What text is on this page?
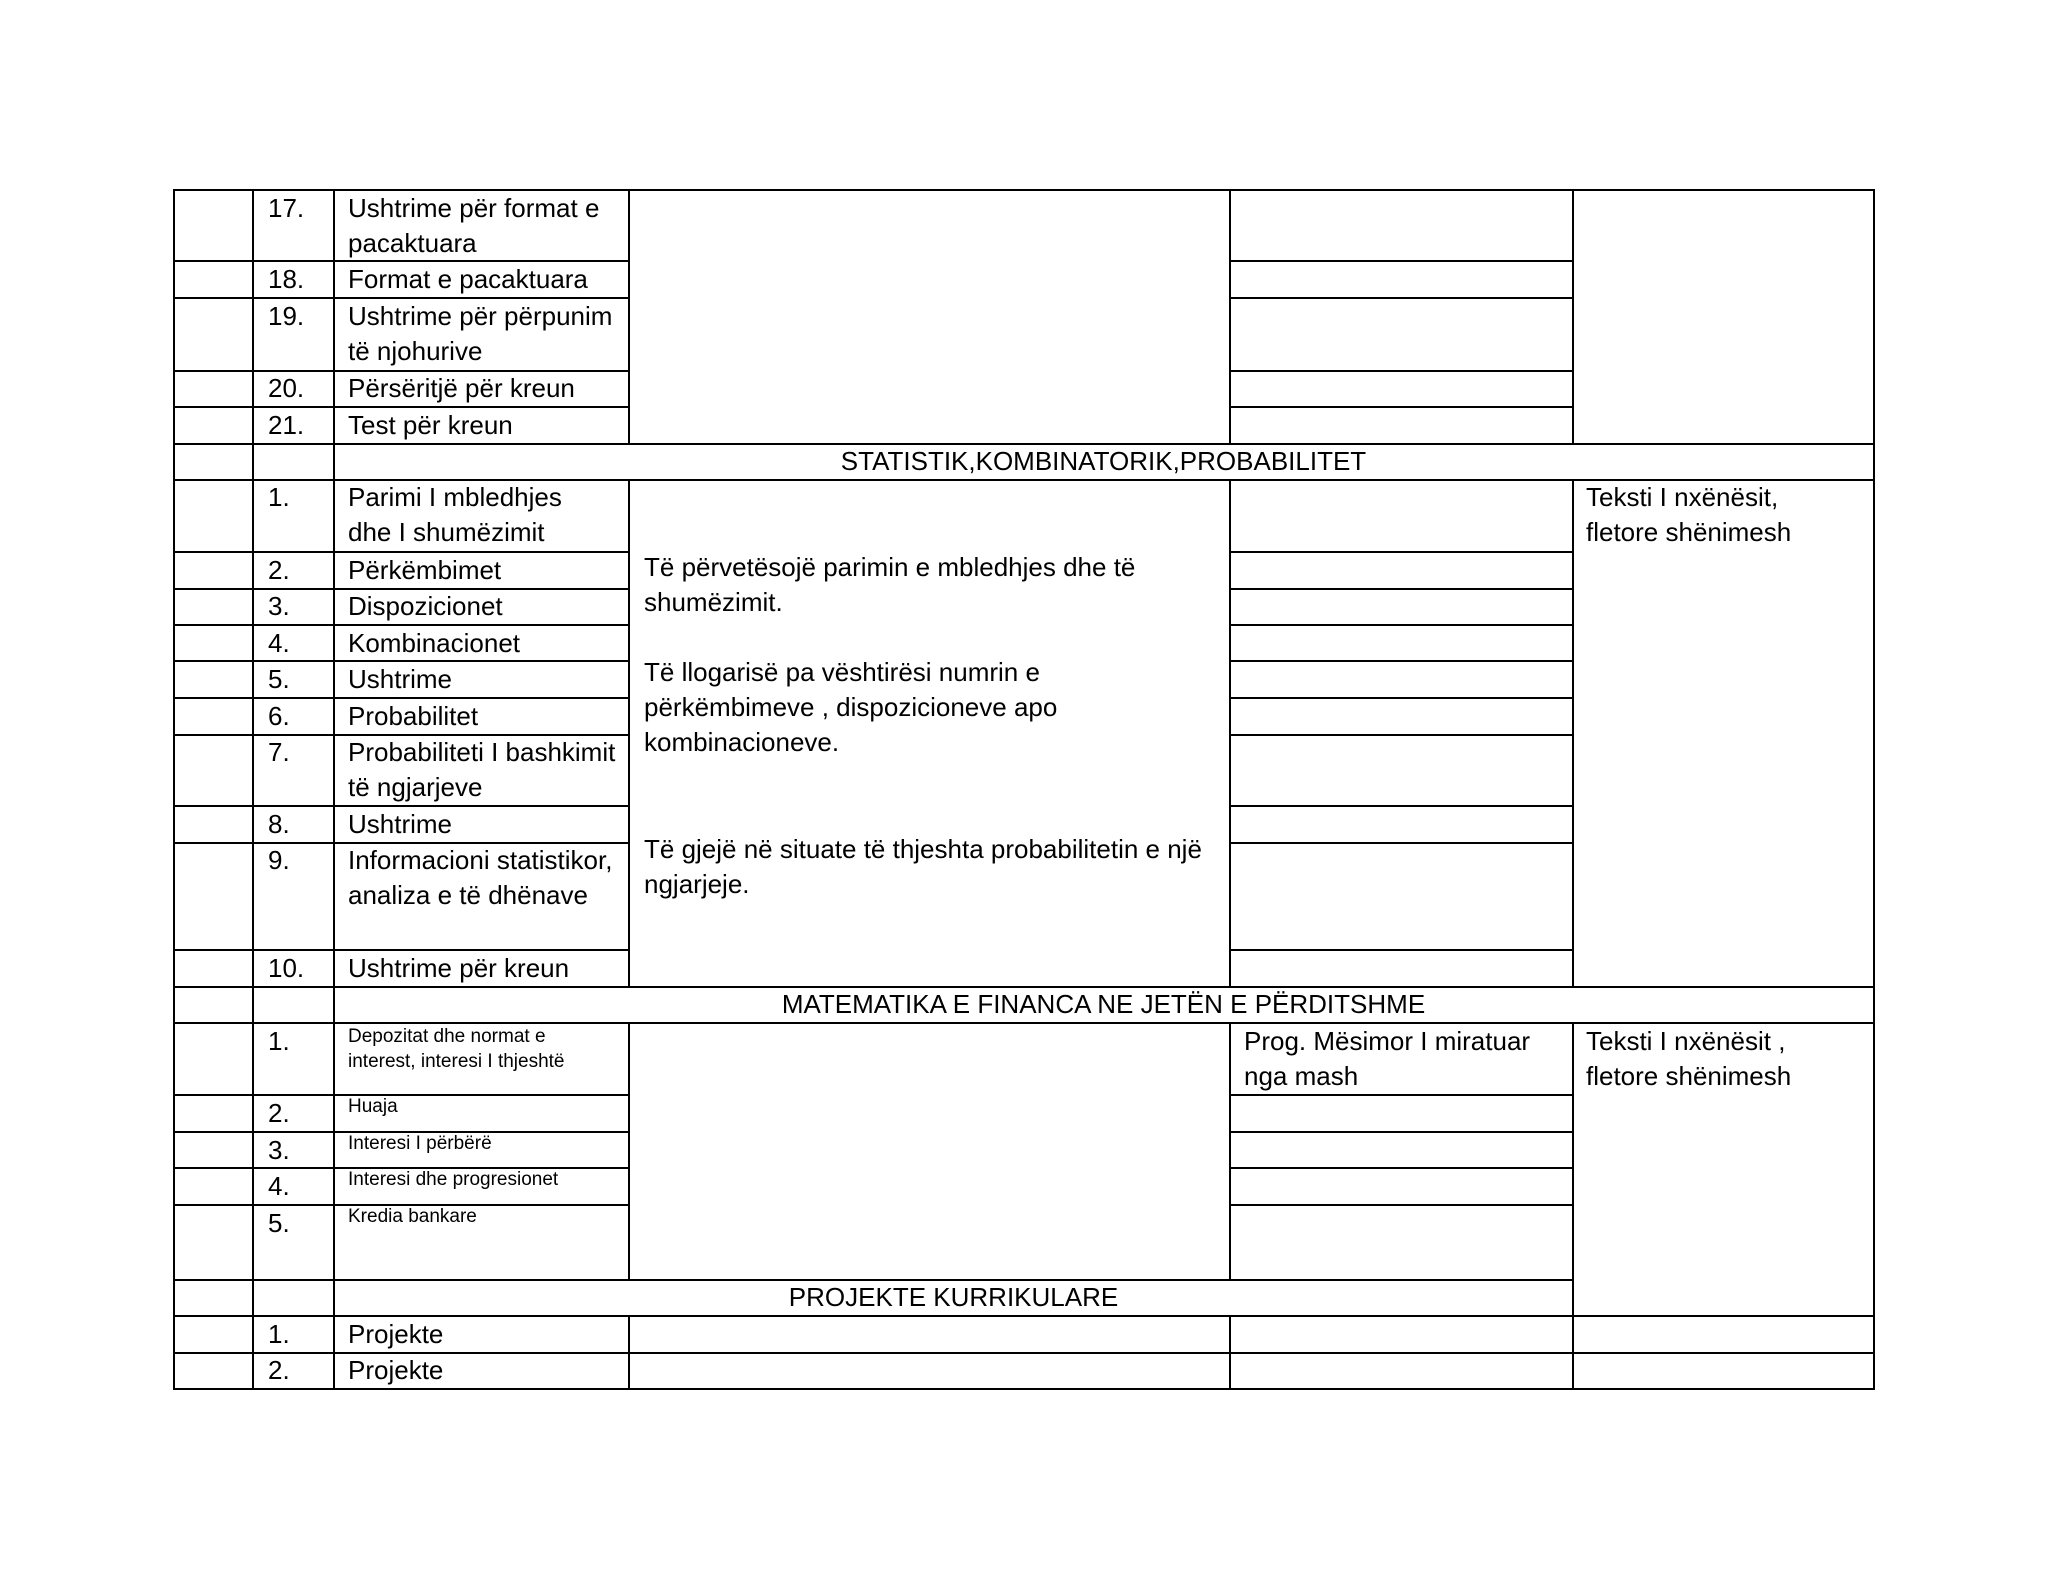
17. Ushtrime për format e pacaktuara
18. Format e pacaktuara
19. Ushtrime për përpunim të njohurive
20. Përsëritjë për kreun
21. Test për kreun
STATISTIK,KOMBINATORIK,PROBABILITET
1. Parimi I mbledhjes dhe I shumëzimit
2. Përkëmbimet
3. Dispozicionet
4. Kombinacionet
5. Ushtrime
6. Probabilitet
7. Probabiliteti I bashkimit të ngjarjeve
8. Ushtrime
9. Informacioni statistikor, analiza e të dhënave
10. Ushtrime për kreun
Të përvetësojë parimin e mbledhjes dhe të shumëzimit.
Të llogarisë pa vështirësi numrin e përkëmbimeve , dispozicioneve apo kombinacioneve.
Të gjejë në situate të thjeshta probabilitetin e një ngjarjeje.
Teksti I nxënësit, fletore shënimesh
MATEMATIKA E FINANCA NE JETËN E PËRDITSHME
1.	Depozitat dhe normat e interest, interesi I thjeshtë
2.	Huaja
3.	Interesi I përbërë
4.	Interesi dhe progresionet
5.	Kredia bankare
Prog. Mësimor I miratuar nga mash
Teksti I nxënësit , fletore shënimesh
PROJEKTE KURRIKULARE
1. Projekte
2. Projekte
